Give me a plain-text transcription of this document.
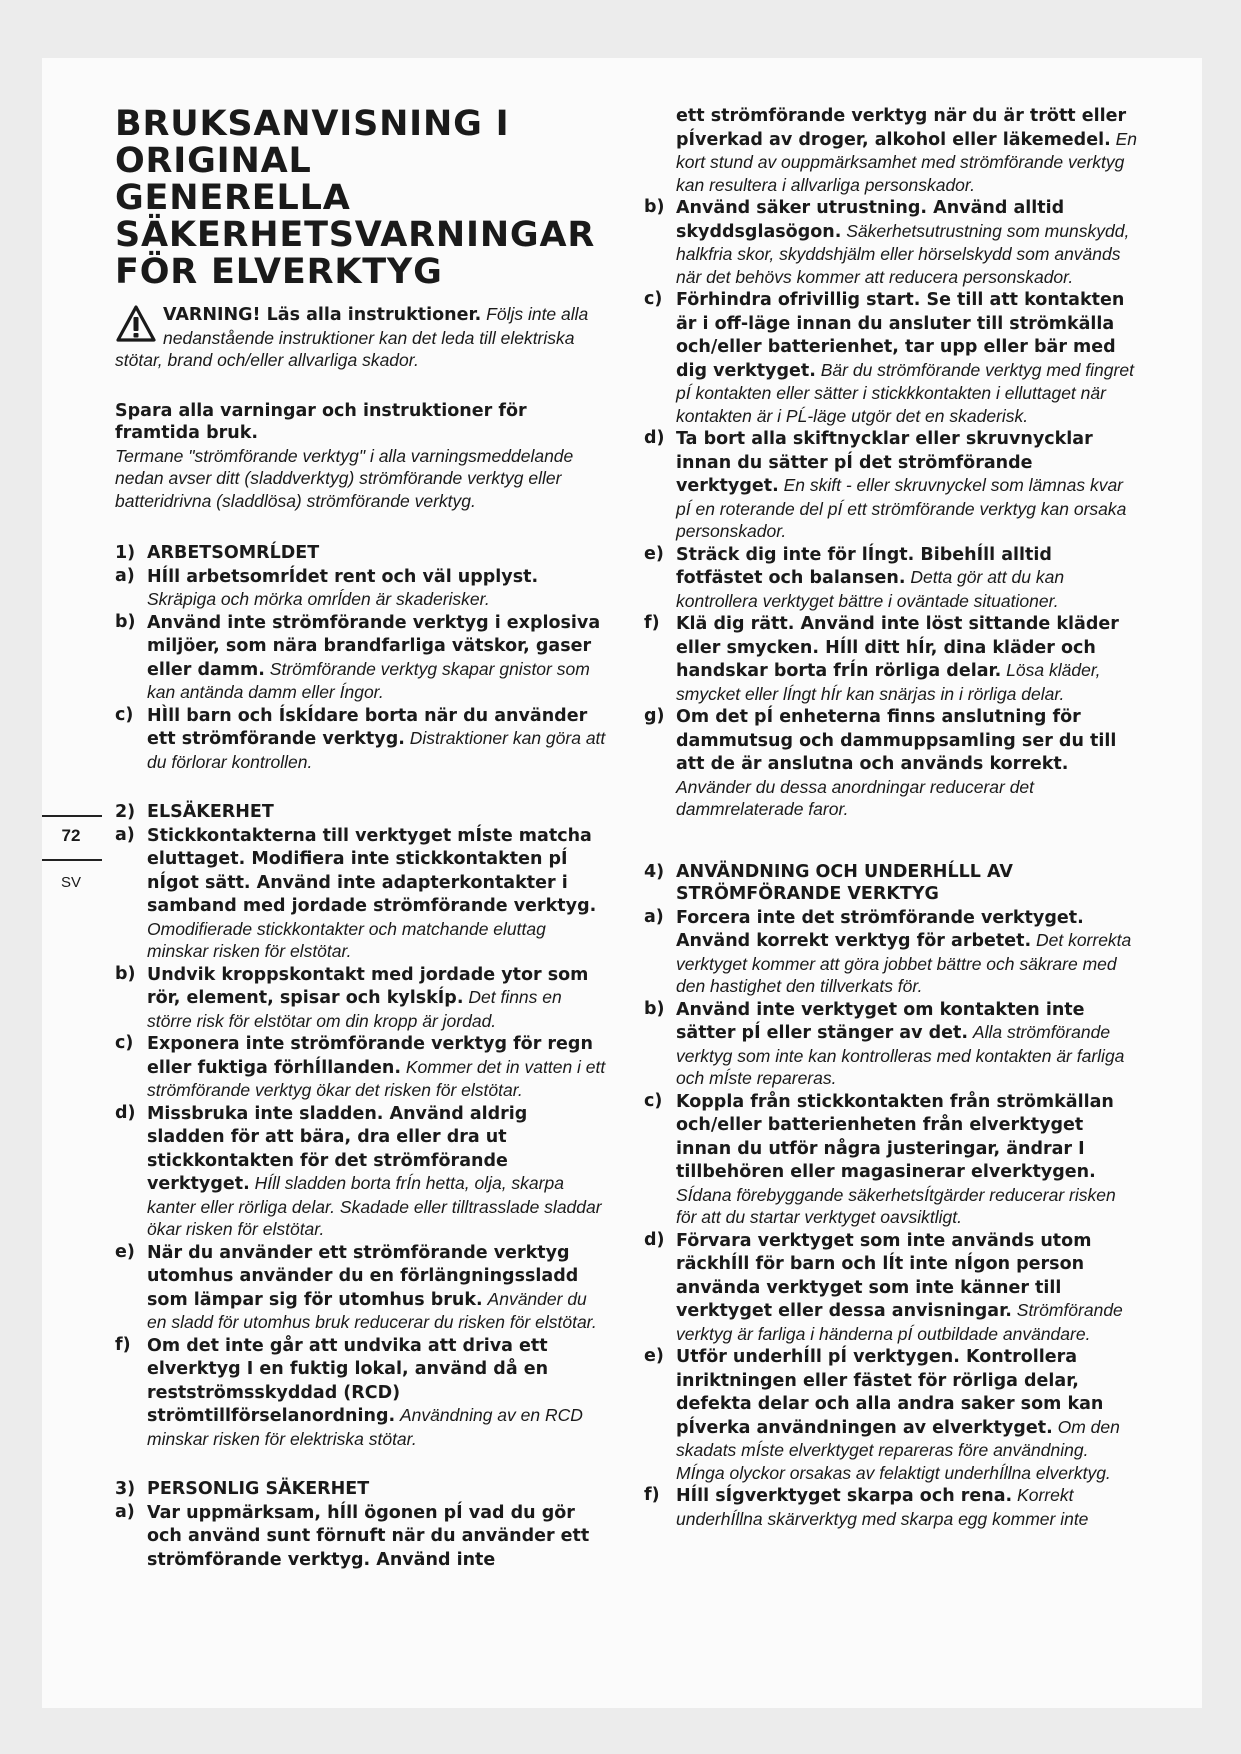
72
SV
BRUKSANVISNING I
ORIGINAL
GENERELLA
SÄKERHETSVARNINGAR
FÖR ELVERKTYG
VARNING! Läs alla instruktioner. Följs inte alla nedanstående instruktioner kan det leda till elektriska stötar, brand och/eller allvarliga skador.

Spara alla varningar och instruktioner för framtida bruk.

Termane "strömförande verktyg" i alla varningsmeddelande nedan avser ditt (sladdverktyg) strömförande verktyg eller batteridrivna (sladdlösa) strömförande verktyg.

1) ARBETSOMRĹDET
a) HÍll arbetsomrÍdet rent och väl upplyst. Skräpiga och mörka omrĺden är skaderisker.
b) Använd inte strömförande verktyg i explosiva miljöer, som nära brandfarliga vätskor, gaser eller damm. Strömförande verktyg skapar gnistor som kan antända damm eller Íngor.
c) HÌll barn och ÍskÍdare borta när du använder ett strömförande verktyg. Distraktioner kan göra att du förlorar kontrollen.
2) ELSÄKERHET
a) Stickkontakterna till verktyget mÍste matcha eluttaget. Modifiera inte stickkontakten pÍ nÍgot sätt. Använd inte adapterkontakter i samband med jordade strömförande verktyg. Omodifierade stickkontakter och matchande eluttag minskar risken för elstötar.
b) Undvik kroppskontakt med jordade ytor som rör, element, spisar och kylskÍp. Det finns en större risk för elstötar om din kropp är jordad.
c) Exponera inte strömförande verktyg för regn eller fuktiga förhÍllanden. Kommer det in vatten i ett strömförande verktyg ökar det risken för elstötar.
d) Missbruka inte sladden. Använd aldrig sladden för att bära, dra eller dra ut stickkontakten för det strömförande verktyget. HÍll sladden borta frÍn hetta, olja, skarpa kanter eller rörliga delar. Skadade eller tilltrasslade sladdar ökar risken för elstötar.
e) När du använder ett strömförande verktyg utomhus använder du en förlängningssladd som lämpar sig för utomhus bruk. Använder du en sladd för utomhus bruk reducerar du risken för elstötar.
f) Om det inte går att undvika att driva ett elverktyg I en fuktig lokal, använd då en restströmsskyddad (RCD) strömtillförselanordning. Användning av en RCD minskar risken för elektriska stötar.
3) PERSONLIG SÄKERHET
a) Var uppmärksam, hÍll ögonen pÍ vad du gör och använd sunt förnuft när du använder ett strömförande verktyg. Använd inte
ett strömförande verktyg när du är trött eller pÍverkad av droger, alkohol eller läkemedel. En kort stund av ouppmärksamhet med strömförande verktyg kan resultera i allvarliga personskador.
b) Använd säker utrustning. Använd alltid skyddsglasögon. Säkerhetsutrustning som munskydd, halkfria skor, skyddshjälm eller hörselskydd som används när det behövs kommer att reducera personskador.
c) Förhindra ofrivillig start. Se till att kontakten är i off-läge innan du ansluter till strömkälla och/eller batterienhet, tar upp eller bär med dig verktyget. Bär du strömförande verktyg med fingret pÍ kontakten eller sätter i stickkkontakten i elluttaget när kontakten är i PĹ-läge utgör det en skaderisk.
d) Ta bort alla skiftnycklar eller skruvnycklar innan du sätter pÍ det strömförande verktyget. En skift - eller skruvnyckel som lämnas kvar pÍ en roterande del pÍ ett strömförande verktyg kan orsaka personskador.
e) Sträck dig inte för lÍngt. BibehÍll alltid fotfästet och balansen. Detta gör att du kan kontrollera verktyget bättre i oväntade situationer.
f) Klä dig rätt. Använd inte löst sittande kläder eller smycken. HÍll ditt hÍr, dina kläder och handskar borta frÍn rörliga delar. Lösa kläder, smycket eller lÍngt hÍr kan snärjas in i rörliga delar.
g) Om det pÍ enheterna finns anslutning för dammutsug och dammuppsamling ser du till att de är anslutna och används korrekt. Använder du dessa anordningar reducerar det dammrelaterade faror.
4) ANVÄNDNING OCH UNDERHĹLL AV STRÖMFÖRANDE VERKTYG
a) Forcera inte det strömförande verktyget. Använd korrekt verktyg för arbetet. Det korrekta verktyget kommer att göra jobbet bättre och säkrare med den hastighet den tillverkats för.
b) Använd inte verktyget om kontakten inte sätter pÍ eller stänger av det. Alla strömförande verktyg som inte kan kontrolleras med kontakten är farliga och mÍste repareras.
c) Koppla från stickkontakten från strömkällan och/eller batterienheten från elverktyget innan du utför några justeringar, ändrar I tillbehören eller magasinerar elverktygen. SÍdana förebyggande säkerhetsÍtgärder reducerar risken för att du startar verktyget oavsiktligt.
d) Förvara verktyget som inte används utom räckhÍll för barn och lÍt inte nÍgon person använda verktyget som inte känner till verktyget eller dessa anvisningar. Strömförande verktyg är farliga i händerna pÍ outbildade användare.
e) Utför underhÍll pÍ verktygen. Kontrollera inriktningen eller fästet för rörliga delar, defekta delar och alla andra saker som kan pÍverka användningen av elverktyget. Om den skadats mÍste elverktyget repareras före användning. MÍnga olyckor orsakas av felaktigt underhÍllna elverktyg.
f) HÍll sÍgverktyget skarpa och rena. Korrekt underhÍllna skärverktyg med skarpa egg kommer inte
